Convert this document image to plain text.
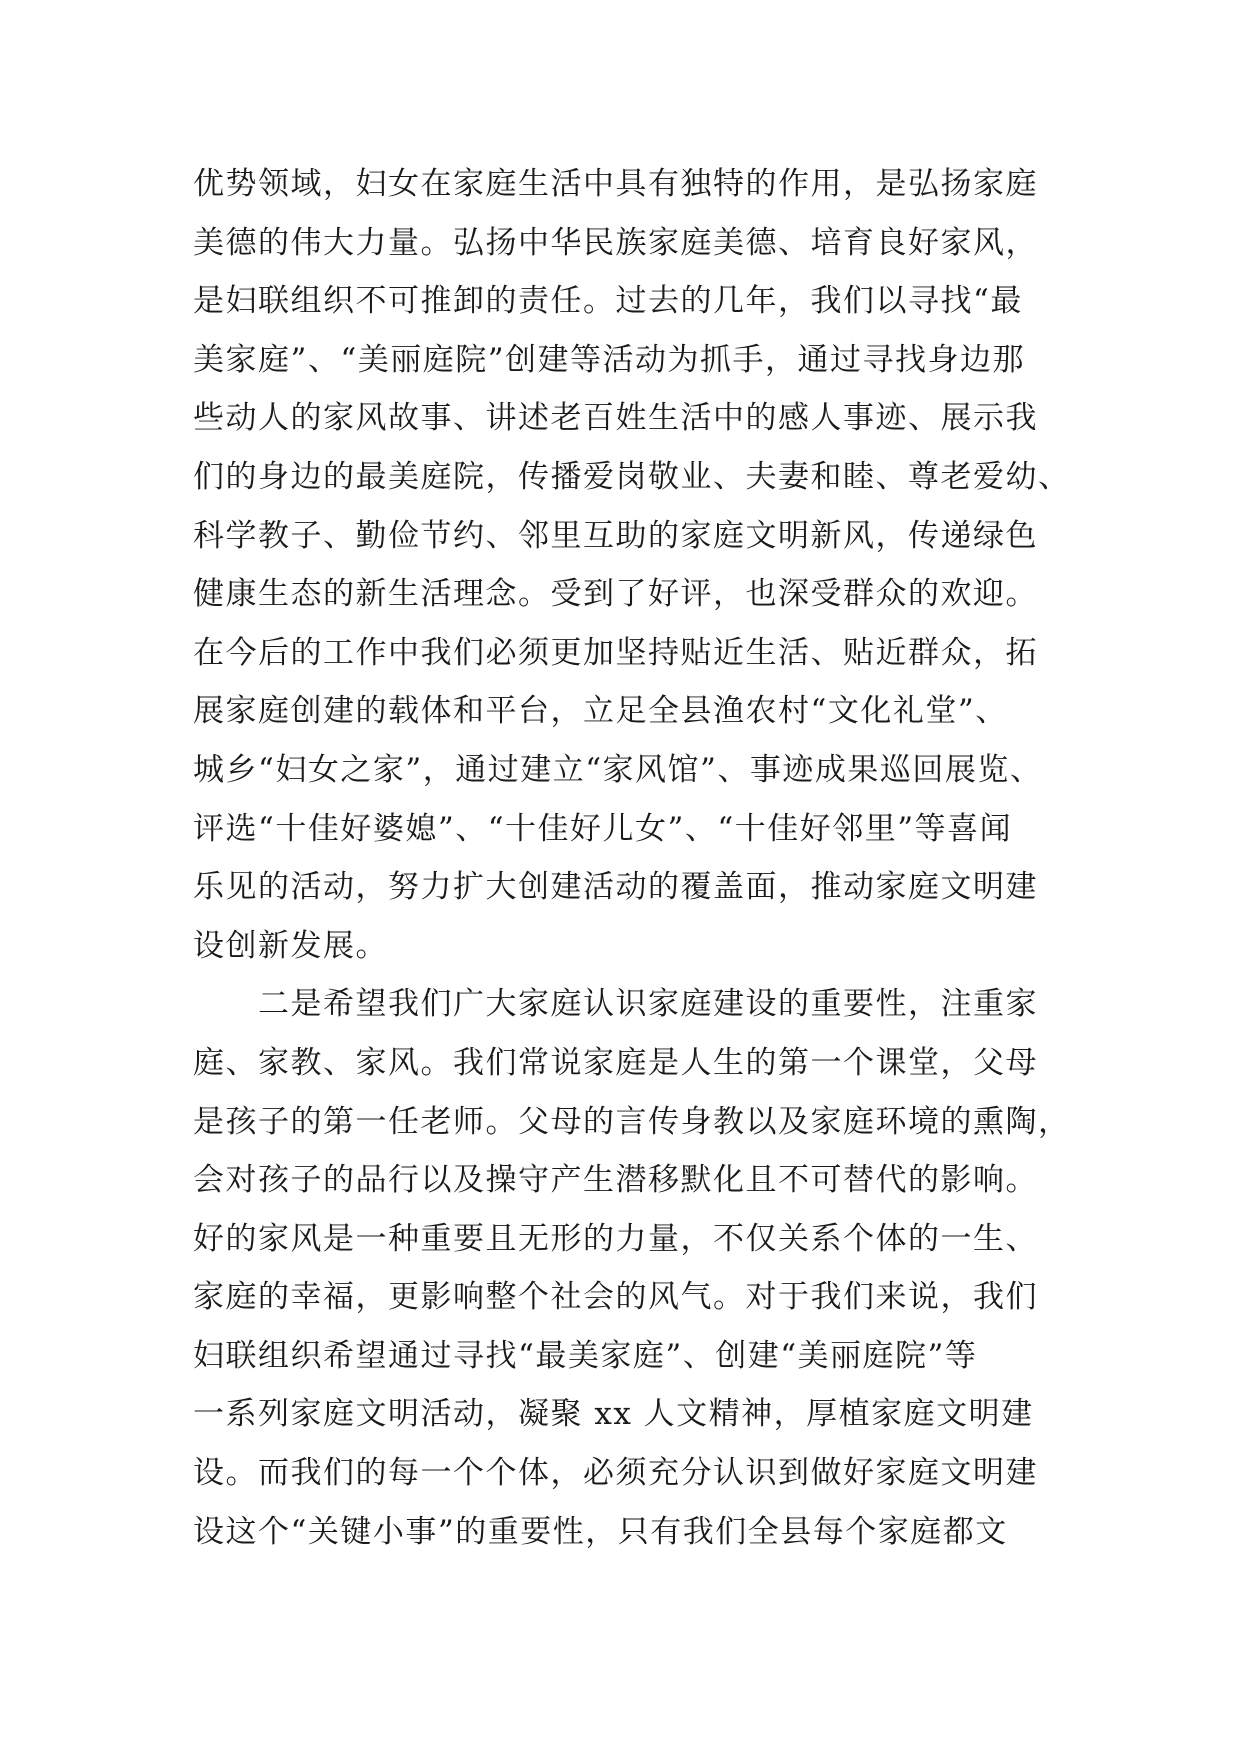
优势领域，妇女在家庭生活中具有独特的作用，是弘扬家庭
美德的伟大力量。弘扬中华民族家庭美德、培育良好家风，
是妇联组织不可推卸的责任。过去的几年，我们以寻找“最
美家庭”、“美丽庭院”创建等活动为抓手，通过寻找身边那
些动人的家风故事、讲述老百姓生活中的感人事迹、展示我
们的身边的最美庭院，传播爱岗敬业、夫妻和睦、尊老爱幼、
科学教子、勤俭节约、邻里互助的家庭文明新风，传递绿色
健康生态的新生活理念。受到了好评，也深受群众的欢迎。
在今后的工作中我们必须更加坚持贴近生活、贴近群众，拓
展家庭创建的载体和平台，立足全县渔农村“文化礼堂”、
城乡“妇女之家”，通过建立“家风馆”、事迹成果巡回展览、
评选“十佳好婆媳”、“十佳好儿女”、“十佳好邻里”等喜闻
乐见的活动，努力扩大创建活动的覆盖面，推动家庭文明建
设创新发展。
　　二是希望我们广大家庭认识家庭建设的重要性，注重家
庭、家教、家风。我们常说家庭是人生的第一个课堂，父母
是孩子的第一任老师。父母的言传身教以及家庭环境的熏陶，
会对孩子的品行以及操守产生潜移默化且不可替代的影响。
好的家风是一种重要且无形的力量，不仅关系个体的一生、
家庭的幸福，更影响整个社会的风气。对于我们来说，我们
妇联组织希望通过寻找“最美家庭”、创建“美丽庭院”等
一系列家庭文明活动，凝聚 xx 人文精神，厚植家庭文明建
设。而我们的每一个个体，必须充分认识到做好家庭文明建
设这个“关键小事”的重要性，只有我们全县每个家庭都文
